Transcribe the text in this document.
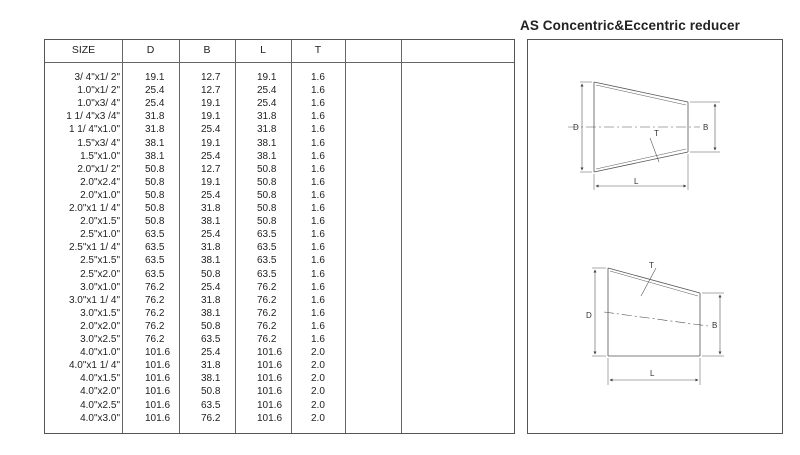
AS Concentric&Eccentric reducer
SIZE	D	B	L	T
3/ 4"x1/ 2"	19.1	12.7	19.1	1.6
1.0"x1/ 2"	25.4	12.7	25.4	1.6
1.0"x3/ 4"	25.4	19.1	25.4	1.6
1 1/ 4"x3 /4"	31.8	19.1	31.8	1.6
1 1/ 4"x1.0"	31.8	25.4	31.8	1.6
1.5"x3/ 4"	38.1	19.1	38.1	1.6
1.5"x1.0"	38.1	25.4	38.1	1.6
2.0"x1/ 2"	50.8	12.7	50.8	1.6
2.0"x2.4"	50.8	19.1	50.8	1.6
2.0"x1.0"	50.8	25.4	50.8	1.6
2.0"x1 1/ 4"	50.8	31.8	50.8	1.6
2.0"x1.5"	50.8	38.1	50.8	1.6
2.5"x1.0"	63.5	25.4	63.5	1.6
2.5"x1 1/ 4"	63.5	31.8	63.5	1.6
2.5"x1.5"	63.5	38.1	63.5	1.6
2.5"x2.0"	63.5	50.8	63.5	1.6
3.0"x1.0"	76.2	25.4	76.2	1.6
3.0"x1 1/ 4"	76.2	31.8	76.2	1.6
3.0"x1.5"	76.2	38.1	76.2	1.6
2.0"x2.0"	76.2	50.8	76.2	1.6
3.0"x2.5"	76.2	63.5	76.2	1.6
4.0"x1.0"	101.6	25.4	101.6	2.0
4.0"x1 1/ 4"	101.6	31.8	101.6	2.0
4.0"x1.5"	101.6	38.1	101.6	2.0
4.0"x2.0"	101.6	50.8	101.6	2.0
4.0"x2.5"	101.6	63.5	101.6	2.0
4.0"x3.0"	101.6	76.2	101.6	2.0
D	B
L
T
D
B
L
T
